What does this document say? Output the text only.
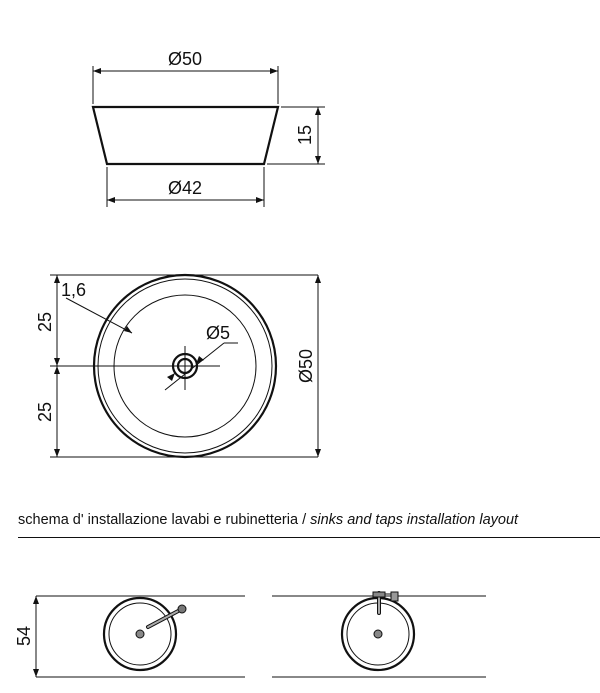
Ø50
15
Ø42
25
25
Ø50
1,6
Ø5
54
schema d' installazione lavabi e rubinetteria / sinks and taps installation layout
